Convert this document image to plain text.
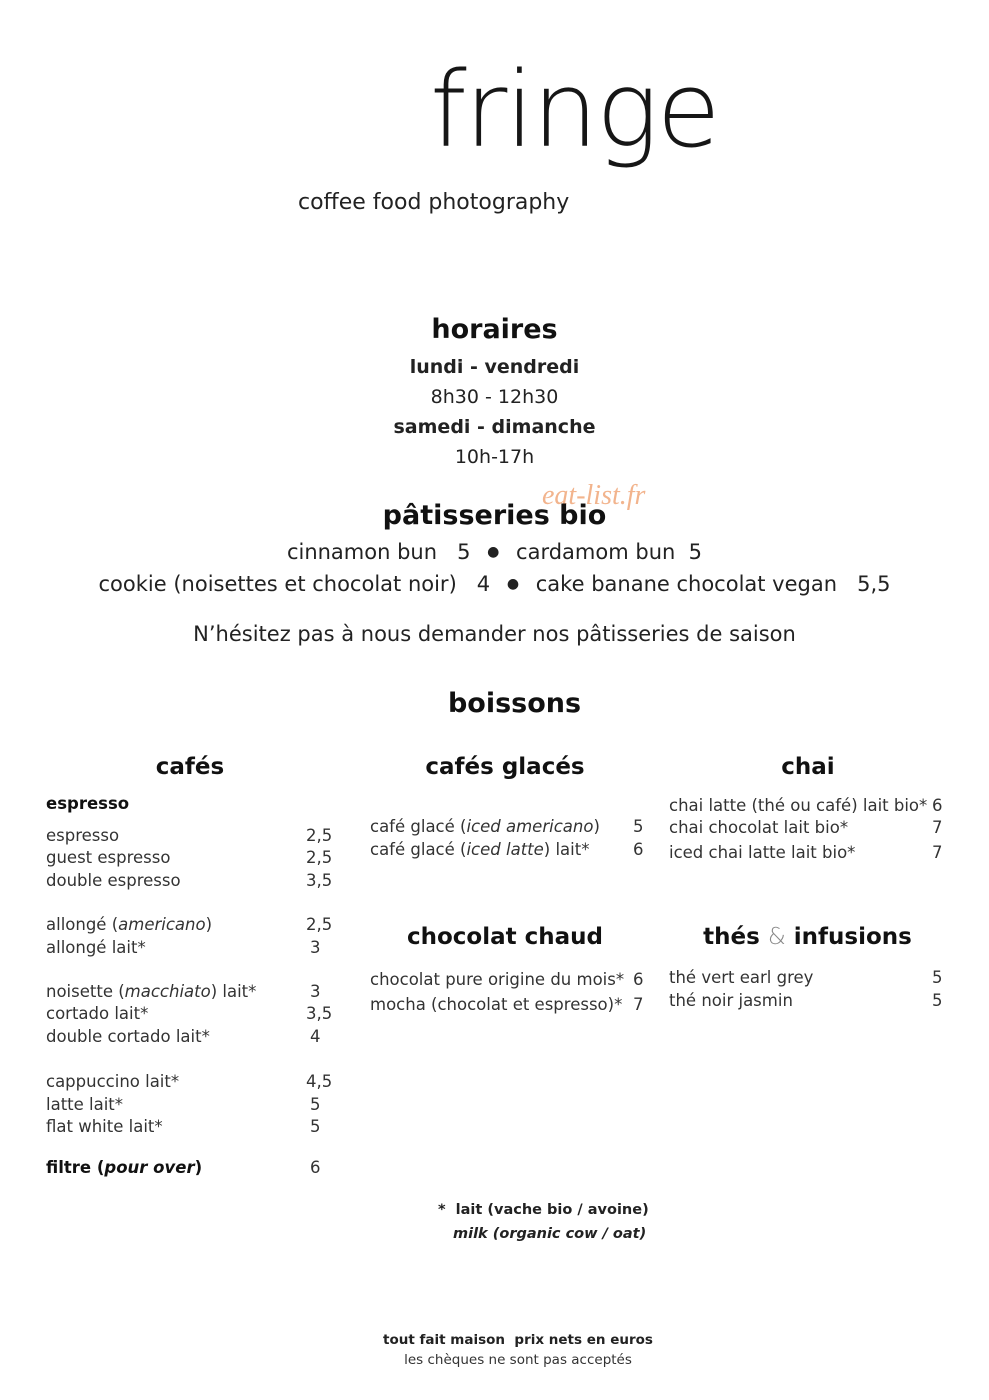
fringe
coffee food photography
horaires
lundi - vendredi
8h30 - 12h30
samedi - dimanche
10h-17h
eat-list.fr
pâtisseries bio
cinnamon bun 5 ● cardamom bun 5
cookie (noisettes et chocolat noir) 4 ● cake banane chocolat vegan 5,5
N’hésitez pas à nous demander nos pâtisseries de saison
boissons
cafés
espresso
espresso	2,5
guest espresso	2,5
double espresso	3,5
allongé (americano)	2,5
allongé lait*	3
noisette (macchiato) lait*	3
cortado lait*	3,5
double cortado lait*	4
cappuccino lait*	4,5
latte lait*	5
flat white lait*	5
filtre (pour over)	6
cafés glacés
café glacé (iced americano) 5
café glacé (iced latte) lait*	6
chai
chai latte (thé ou café) lait bio* 6
chai chocolat lait bio*	7
iced chai latte lait bio*	7
chocolat chaud
chocolat pure origine du mois* 6
mocha (chocolat et espresso)* 7
thés & infusions
thé vert earl grey	5
thé noir jasmin	5
*  lait (vache bio / avoine)
milk (organic cow / oat)
tout fait maison  prix nets en euros
les chèques ne sont pas acceptés
